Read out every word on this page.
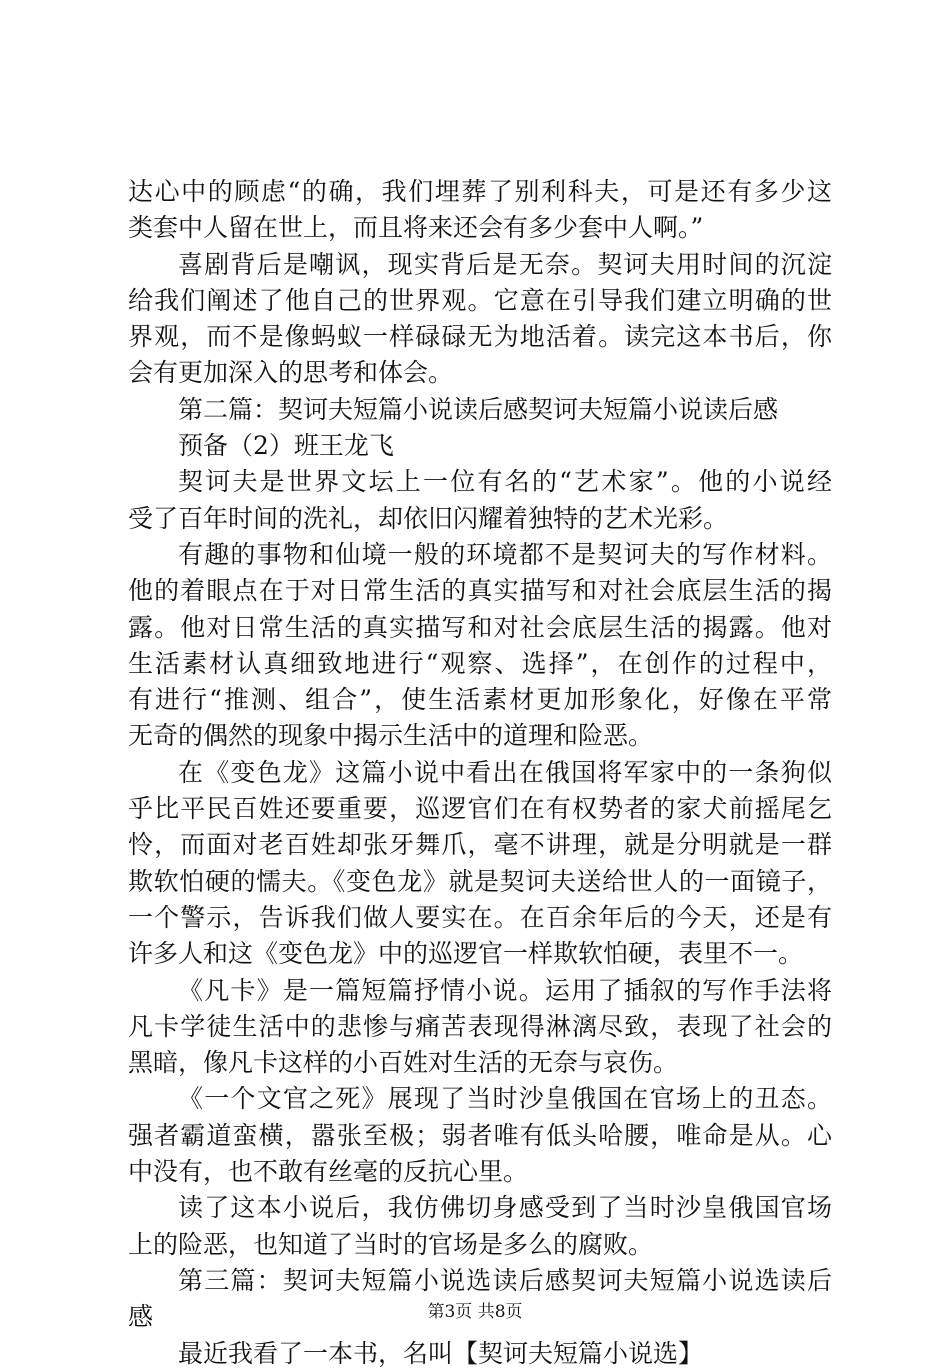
达心中的顾虑“的确，我们埋葬了别利科夫，可是还有多少这
类套中人留在世上，而且将来还会有多少套中人啊。”
喜剧背后是嘲讽，现实背后是无奈。契诃夫用时间的沉淀
给我们阐述了他自己的世界观。它意在引导我们建立明确的世
界观，而不是像蚂蚁一样碌碌无为地活着。读完这本书后，你
会有更加深入的思考和体会。
第二篇：契诃夫短篇小说读后感契诃夫短篇小说读后感
预备（2）班王龙飞
契诃夫是世界文坛上一位有名的“艺术家”。他的小说经
受了百年时间的洗礼，却依旧闪耀着独特的艺术光彩。
有趣的事物和仙境一般的环境都不是契诃夫的写作材料。
他的着眼点在于对日常生活的真实描写和对社会底层生活的揭
露。他对日常生活的真实描写和对社会底层生活的揭露。他对
生活素材认真细致地进行“观察、选择”，在创作的过程中，
有进行“推测、组合”，使生活素材更加形象化，好像在平常
无奇的偶然的现象中揭示生活中的道理和险恶。
在《变色龙》这篇小说中看出在俄国将军家中的一条狗似
乎比平民百姓还要重要，巡逻官们在有权势者的家犬前摇尾乞
怜，而面对老百姓却张牙舞爪，毫不讲理，就是分明就是一群
欺软怕硬的懦夫。《变色龙》就是契诃夫送给世人的一面镜子，
一个警示，告诉我们做人要实在。在百余年后的今天，还是有
许多人和这《变色龙》中的巡逻官一样欺软怕硬，表里不一。
《凡卡》是一篇短篇抒情小说。运用了插叙的写作手法将
凡卡学徒生活中的悲惨与痛苦表现得淋漓尽致，表现了社会的
黑暗，像凡卡这样的小百姓对生活的无奈与哀伤。
《一个文官之死》展现了当时沙皇俄国在官场上的丑态。
强者霸道蛮横，嚣张至极；弱者唯有低头哈腰，唯命是从。心
中没有，也不敢有丝毫的反抗心里。
读了这本小说后，我仿佛切身感受到了当时沙皇俄国官场
上的险恶，也知道了当时的官场是多么的腐败。
第三篇：契诃夫短篇小说选读后感契诃夫短篇小说选读后
感
最近我看了一本书，名叫【契诃夫短篇小说选】
第3页 共8页
